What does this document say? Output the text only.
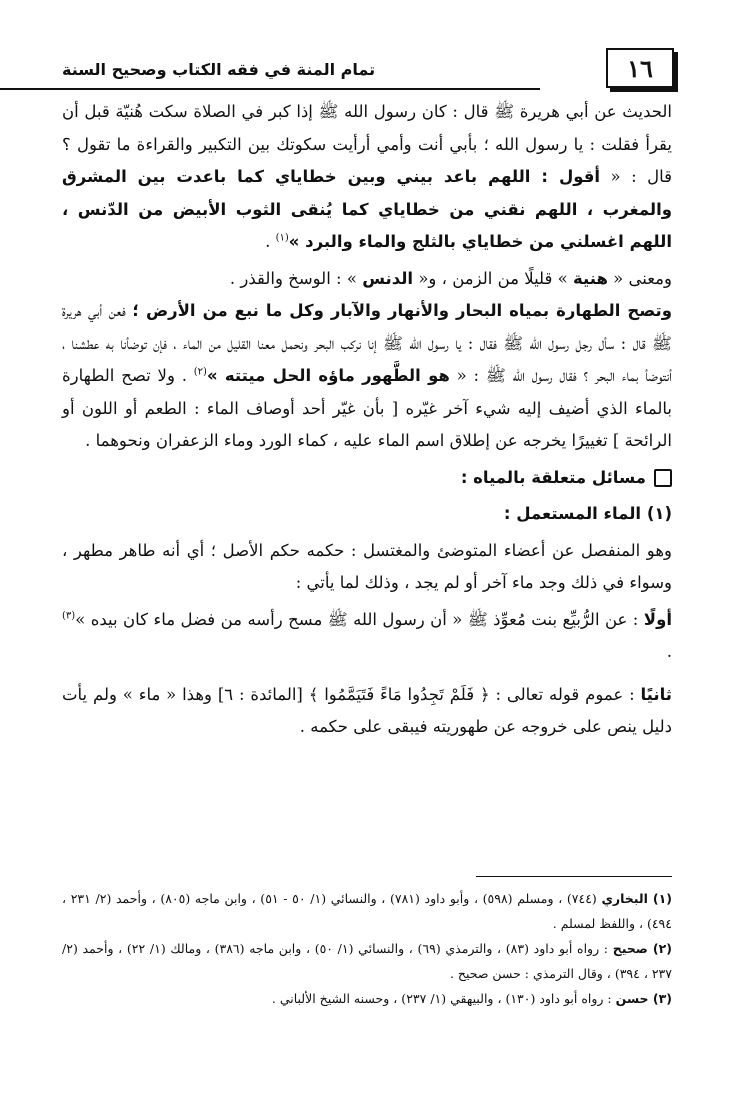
١٦
تمام المنة في فقه الكتاب وصحيح السنة

الحديث عن أبي هريرة ﷺ قال : كان رسول الله ﷺ إذا كبر في الصلاة سكت هُنيّة قبل أن يقرأ فقلت : يا رسول الله ؛ بأبي أنت وأمي أرأيت سكوتك بين التكبير والقراءة ما تقول ؟ قال : « أقول : اللهم باعد بيني وبين خطاياي كما باعدت بين المشرق والمغرب ، اللهم نقني من خطاياي كما يُنقى الثوب الأبيض من الدّنس ، اللهم اغسلني من خطاياي بالثلج والماء والبرد »$^{(١)}$ .

ومعنى « هنية » قليلًا من الزمن ، و« الدنس » : الوسخ والقذر .

وتصح الطهارة بمياه البحار والأنهار والآبار وكل ما نبع من الأرض ؛ فعن أبي هريرة ﷺ قال : سأل رجل رسول الله ﷺ فقال : يا رسول الله ﷺ إنا نركب البحر ونحمل معنا القليل من الماء ، فإن توضأنا به عطشنا ، أنتوضأ بماء البحر ؟ فقال رسول الله ﷺ : « هو الطَّهور ماؤه الحل ميتته »$^{(٢)}$ . ولا تصح الطهارة بالماء الذي أضيف إليه شيء آخر غيّره [ بأن غيّر أحد أوصاف الماء : الطعم أو اللون أو الرائحة ] تغييرًا يخرجه عن إطلاق اسم الماء عليه ، كماء الورد وماء الزعفران ونحوهما .

مسائل متعلقة بالمياه :

(١) الماء المستعمل :

وهو المنفصل عن أعضاء المتوضئ والمغتسل : حكمه حكم الأصل ؛ أي أنه طاهر مطهر ، وسواء في ذلك وجد ماء آخر أو لم يجد ، وذلك لما يأتي :

أولًا : عن الرُّبيِّع بنت مُعوِّذ ﷺ « أن رسول الله ﷺ مسح رأسه من فضل ماء كان بيده »$^{(٣)}$ .

ثانيًا : عموم قوله تعالى : ﴿ فَلَمْ تَجِدُوا مَاءً فَتَيَمَّمُوا ﴾ [المائدة : ٦] وهذا « ماء » ولم يأت دليل ينص على خروجه عن طهوريته فيبقى على حكمه .

(١) البخاري (٧٤٤) ، ومسلم (٥٩٨) ، وأبو داود (٧٨١) ، والنسائي (١/ ٥٠ - ٥١) ، وابن ماجه (٨٠٥) ، وأحمد (٢/ ٢٣١ ، ٤٩٤) ، واللفظ لمسلم .

(٢) صحيح : رواه أبو داود (٨٣) ، والترمذي (٦٩) ، والنسائي (١/ ٥٠) ، وابن ماجه (٣٨٦) ، ومالك (١/ ٢٢) ، وأحمد (٢/ ٢٣٧ ، ٣٩٤) ، وقال الترمذي : حسن صحيح .

(٣) حسن : رواه أبو داود (١٣٠) ، والبيهقي (١/ ٢٣٧) ، وحسنه الشيخ الألباني .
